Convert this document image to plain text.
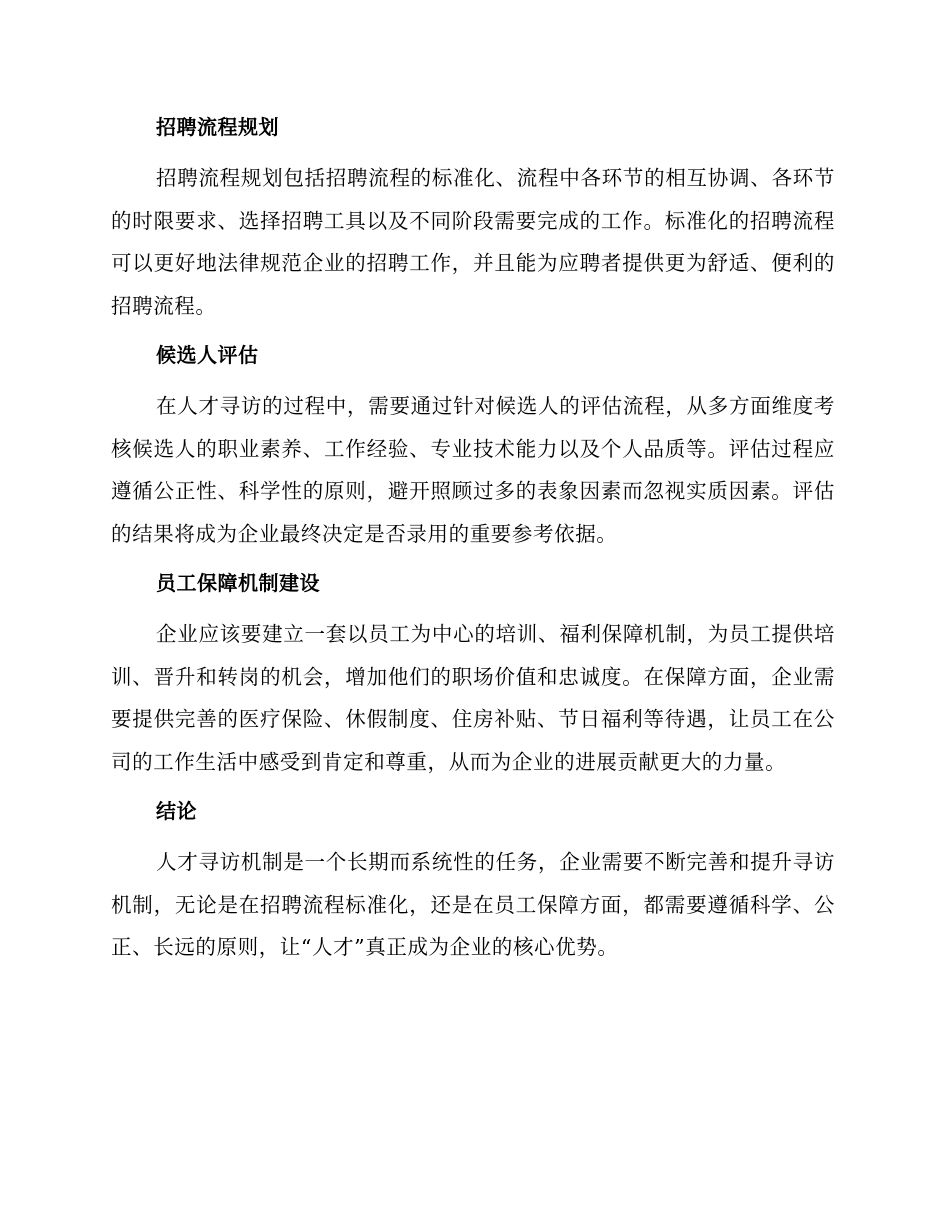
招聘流程规划

招聘流程规划包括招聘流程的标准化、流程中各环节的相互协调、各环节的时限要求、选择招聘工具以及不同阶段需要完成的工作。标准化的招聘流程可以更好地法律规范企业的招聘工作，并且能为应聘者提供更为舒适、便利的招聘流程。

候选人评估

在人才寻访的过程中，需要通过针对候选人的评估流程，从多方面维度考核候选人的职业素养、工作经验、专业技术能力以及个人品质等。评估过程应遵循公正性、科学性的原则，避开照顾过多的表象因素而忽视实质因素。评估的结果将成为企业最终决定是否录用的重要参考依据。

员工保障机制建设

企业应该要建立一套以员工为中心的培训、福利保障机制，为员工提供培训、晋升和转岗的机会，增加他们的职场价值和忠诚度。在保障方面，企业需要提供完善的医疗保险、休假制度、住房补贴、节日福利等待遇，让员工在公司的工作生活中感受到肯定和尊重，从而为企业的进展贡献更大的力量。

结论

人才寻访机制是一个长期而系统性的任务，企业需要不断完善和提升寻访机制，无论是在招聘流程标准化，还是在员工保障方面，都需要遵循科学、公正、长远的原则，让“人才”真正成为企业的核心优势。
